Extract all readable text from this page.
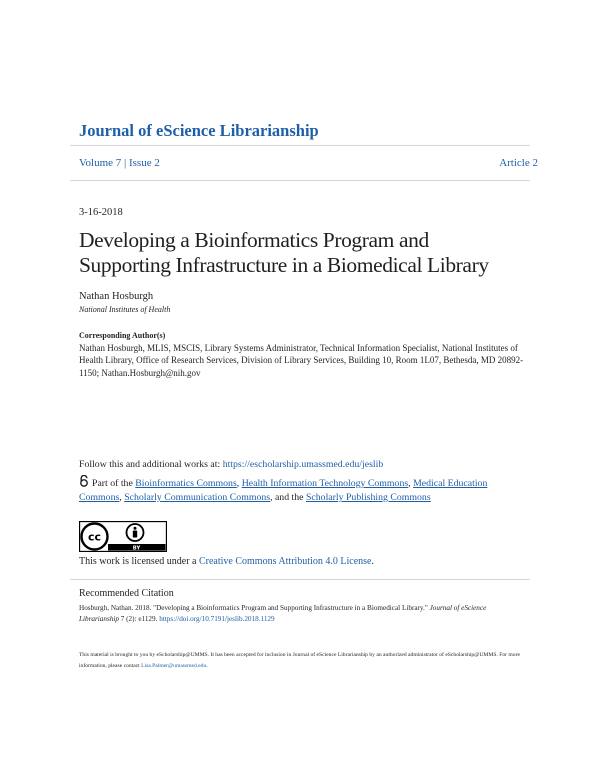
Journal of eScience Librarianship
Volume 7 | Issue 2	Article 2
3-16-2018
Developing a Bioinformatics Program and
Supporting Infrastructure in a Biomedical Library
Nathan Hosburgh
National Institutes of Health
Corresponding Author(s)
Nathan Hosburgh, MLIS, MSCIS, Library Systems Administrator, Technical Information Specialist, National Institutes of Health Library, Office of Research Services, Division of Library Services, Building 10, Room 1L07, Bethesda, MD 20892-1150; Nathan.Hosburgh@nih.gov
Follow this and additional works at: https://escholarship.umassmed.edu/jeslib
Part of the Bioinformatics Commons, Health Information Technology Commons, Medical Education Commons, Scholarly Communication Commons, and the Scholarly Publishing Commons
cc
BY
This work is licensed under a Creative Commons Attribution 4.0 License.
Recommended Citation
Hosburgh, Nathan. 2018. "Developing a Bioinformatics Program and Supporting Infrastructure in a Biomedical Library." Journal of eScience Librarianship 7 (2): e1129. https://doi.org/10.7191/jeslib.2018.1129
This material is brought to you by eScholarship@UMMS. It has been accepted for inclusion in Journal of eScience Librarianship by an authorized administrator of eScholarship@UMMS. For more information, please contact Lisa.Palmer@umassmed.edu.
